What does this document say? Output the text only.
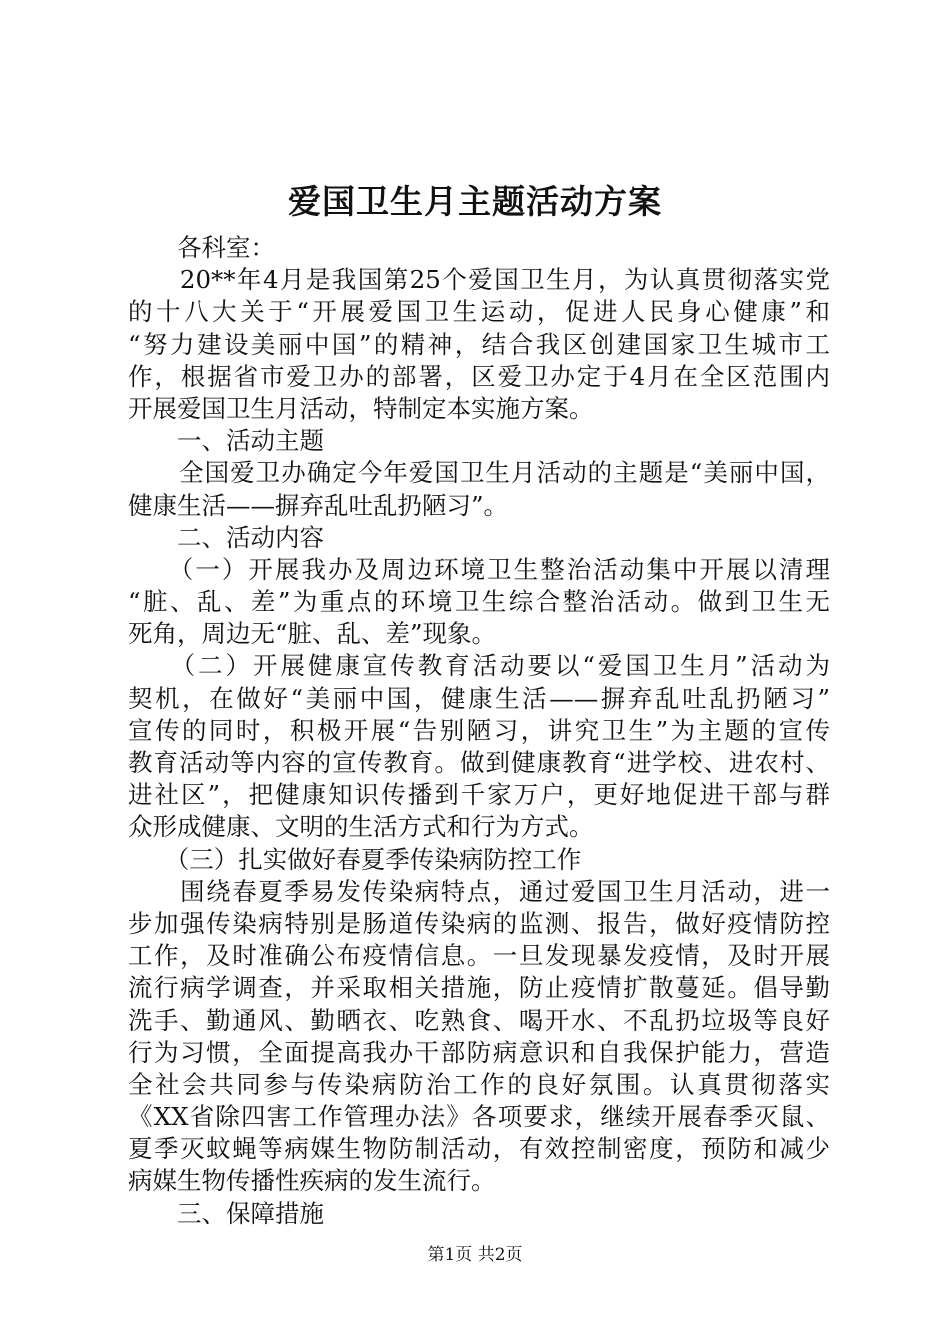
爱国卫生月主题活动方案

　　各科室：

　　20**年4月是我国第25个爱国卫生月，为认真贯彻落实党

的十八大关于“开展爱国卫生运动，促进人民身心健康”和

“努力建设美丽中国”的精神，结合我区创建国家卫生城市工

作，根据省市爱卫办的部署，区爱卫办定于4月在全区范围内

开展爱国卫生月活动，特制定本实施方案。

　　一、活动主题

　　全国爱卫办确定今年爱国卫生月活动的主题是“美丽中国，

健康生活——摒弃乱吐乱扔陋习”。

　　二、活动内容

　　（一）开展我办及周边环境卫生整治活动集中开展以清理

“脏、乱、差”为重点的环境卫生综合整治活动。做到卫生无

死角，周边无“脏、乱、差”现象。

　　（二）开展健康宣传教育活动要以“爱国卫生月”活动为

契机，在做好“美丽中国，健康生活——摒弃乱吐乱扔陋习”

宣传的同时，积极开展“告别陋习，讲究卫生”为主题的宣传

教育活动等内容的宣传教育。做到健康教育“进学校、进农村、

进社区”，把健康知识传播到千家万户，更好地促进干部与群

众形成健康、文明的生活方式和行为方式。

　　（三）扎实做好春夏季传染病防控工作

　　围绕春夏季易发传染病特点，通过爱国卫生月活动，进一

步加强传染病特别是肠道传染病的监测、报告，做好疫情防控

工作，及时准确公布疫情信息。一旦发现暴发疫情，及时开展

流行病学调查，并采取相关措施，防止疫情扩散蔓延。倡导勤

洗手、勤通风、勤晒衣、吃熟食、喝开水、不乱扔垃圾等良好

行为习惯，全面提高我办干部防病意识和自我保护能力，营造

全社会共同参与传染病防治工作的良好氛围。认真贯彻落实

《XX省除四害工作管理办法》各项要求，继续开展春季灭鼠、

夏季灭蚊蝇等病媒生物防制活动，有效控制密度，预防和减少

病媒生物传播性疾病的发生流行。

　　三、保障措施

第1页 共2页
